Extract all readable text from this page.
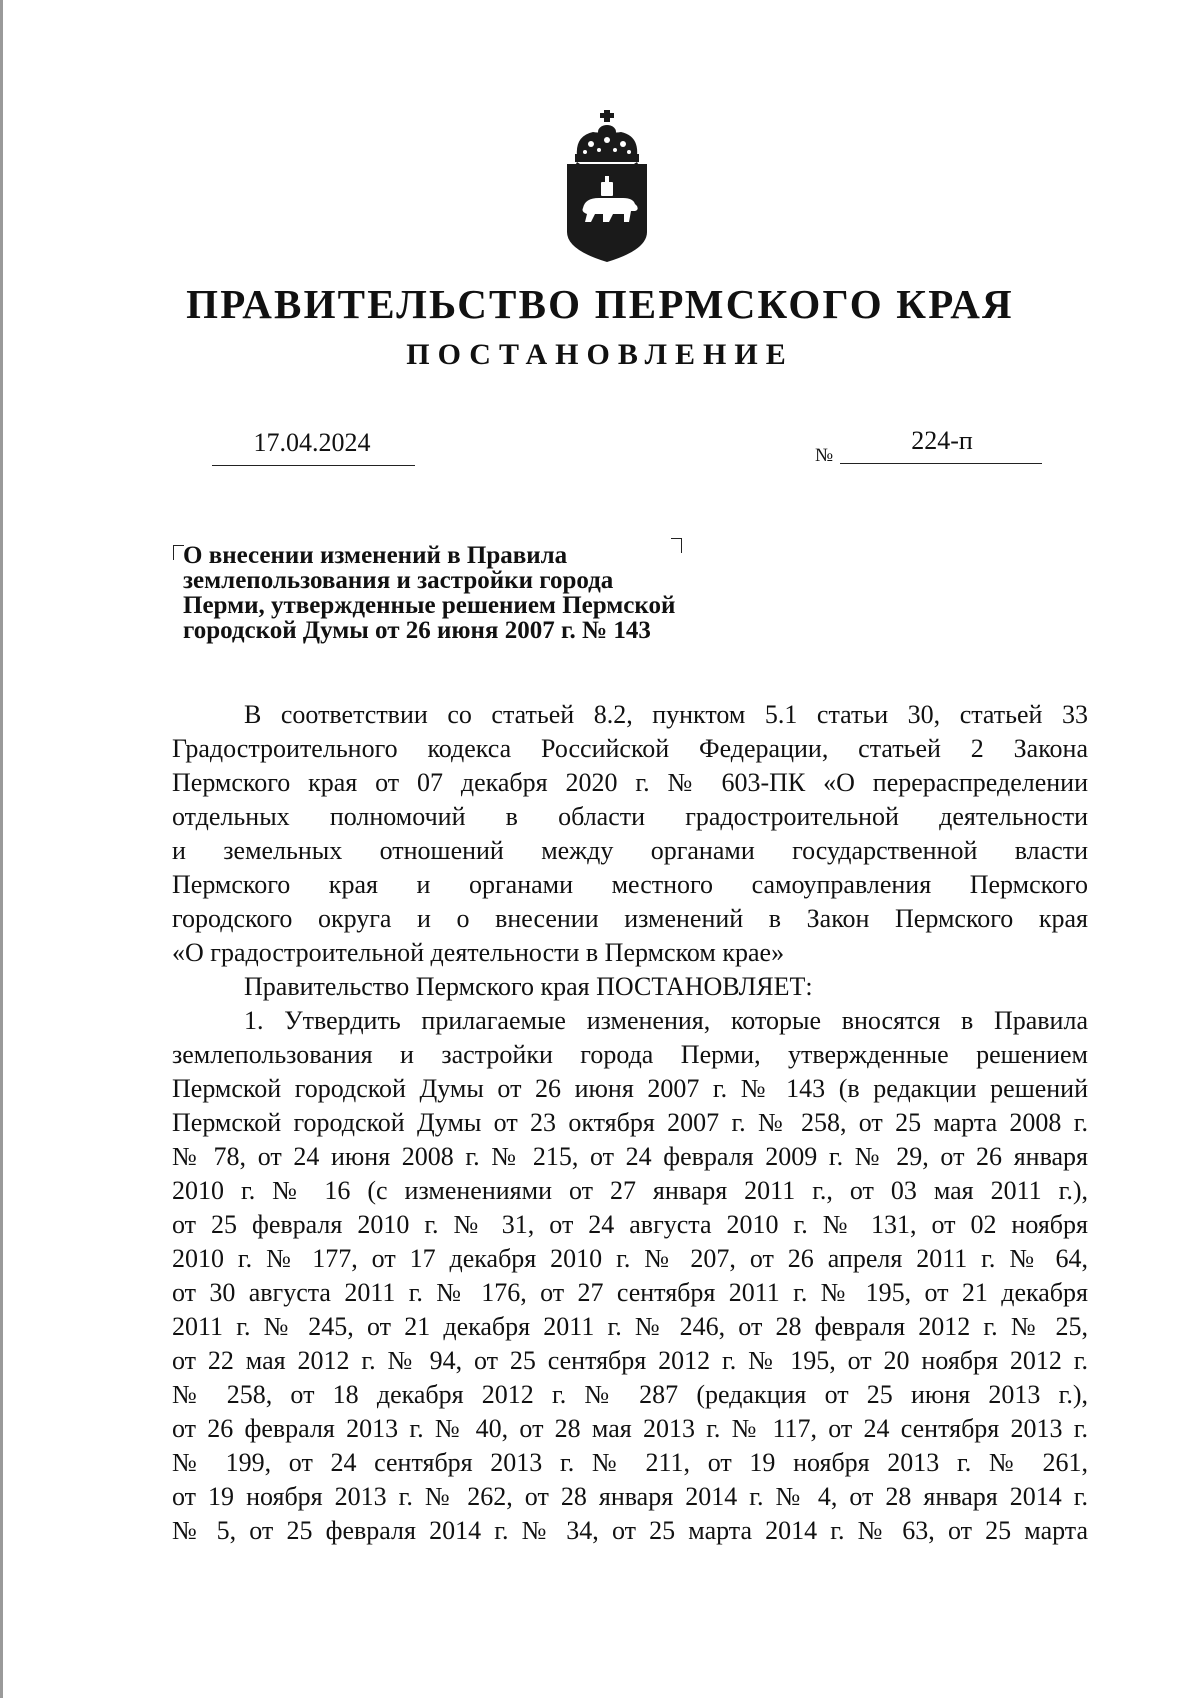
ПРАВИТЕЛЬСТВО ПЕРМСКОГО КРАЯ
ПОСТАНОВЛЕНИЕ
17.04.2024	№
224-п
О внесении изменений в Правила
землепользования и застройки города
Перми, утвержденные решением Пермской
городской Думы от 26 июня 2007 г. № 143
В соответствии со статьей 8.2, пунктом 5.1 статьи 30, статьей 33
Градостроительного кодекса Российской Федерации, статьей 2 Закона
Пермского края от 07 декабря 2020 г. № 603-ПК «О перераспределении
отдельных полномочий в области градостроительной деятельности
и земельных отношений между органами государственной власти
Пермского края и органами местного самоуправления Пермского
городского округа и о внесении изменений в Закон Пермского края
«О градостроительной деятельности в Пермском крае»
Правительство Пермского края ПОСТАНОВЛЯЕТ:
1. Утвердить прилагаемые изменения, которые вносятся в Правила
землепользования и застройки города Перми, утвержденные решением
Пермской городской Думы от 26 июня 2007 г. № 143 (в редакции решений
Пермской городской Думы от 23 октября 2007 г. № 258, от 25 марта 2008 г.
№ 78, от 24 июня 2008 г. № 215, от 24 февраля 2009 г. № 29, от 26 января
2010 г. № 16 (с изменениями от 27 января 2011 г., от 03 мая 2011 г.),
от 25 февраля 2010 г. № 31, от 24 августа 2010 г. № 131, от 02 ноября
2010 г. № 177, от 17 декабря 2010 г. № 207, от 26 апреля 2011 г. № 64,
от 30 августа 2011 г. № 176, от 27 сентября 2011 г. № 195, от 21 декабря
2011 г. № 245, от 21 декабря 2011 г. № 246, от 28 февраля 2012 г. № 25,
от 22 мая 2012 г. № 94, от 25 сентября 2012 г. № 195, от 20 ноября 2012 г.
№ 258, от 18 декабря 2012 г. № 287 (редакция от 25 июня 2013 г.),
от 26 февраля 2013 г. № 40, от 28 мая 2013 г. № 117, от 24 сентября 2013 г.
№ 199, от 24 сентября 2013 г. № 211, от 19 ноября 2013 г. № 261,
от 19 ноября 2013 г. № 262, от 28 января 2014 г. № 4, от 28 января 2014 г.
№ 5, от 25 февраля 2014 г. № 34, от 25 марта 2014 г. № 63, от 25 марта
